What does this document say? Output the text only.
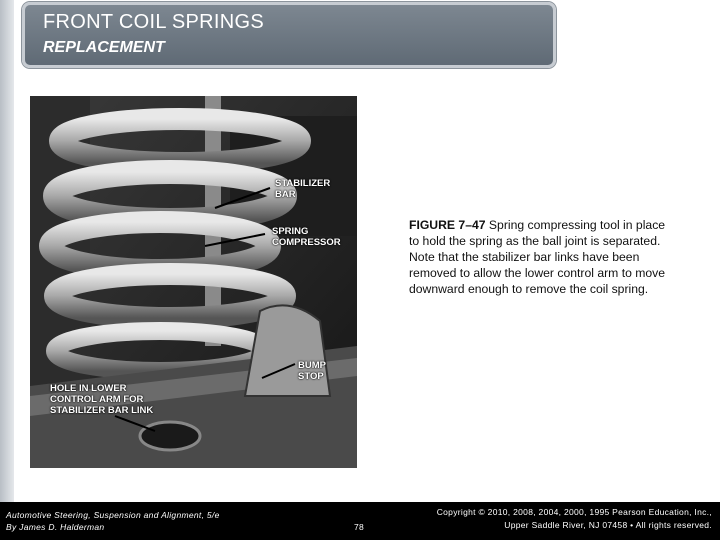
FRONT COIL SPRINGS
REPLACEMENT
STABILIZER
BAR
SPRING
COMPRESSOR
BUMP
STOP
HOLE IN LOWER
CONTROL ARM FOR
STABILIZER BAR LINK
FIGURE 7–47 Spring compressing tool in place to hold the spring as the ball joint is separated. Note that the stabilizer bar links have been removed to allow the lower control arm to move downward enough to remove the coil spring.
Automotive Steering, Suspension and Alignment, 5/e
By James D. Halderman	78
Copyright © 2010, 2008, 2004, 2000, 1995 Pearson Education, Inc.,
Upper Saddle River, NJ 07458 • All rights reserved.
